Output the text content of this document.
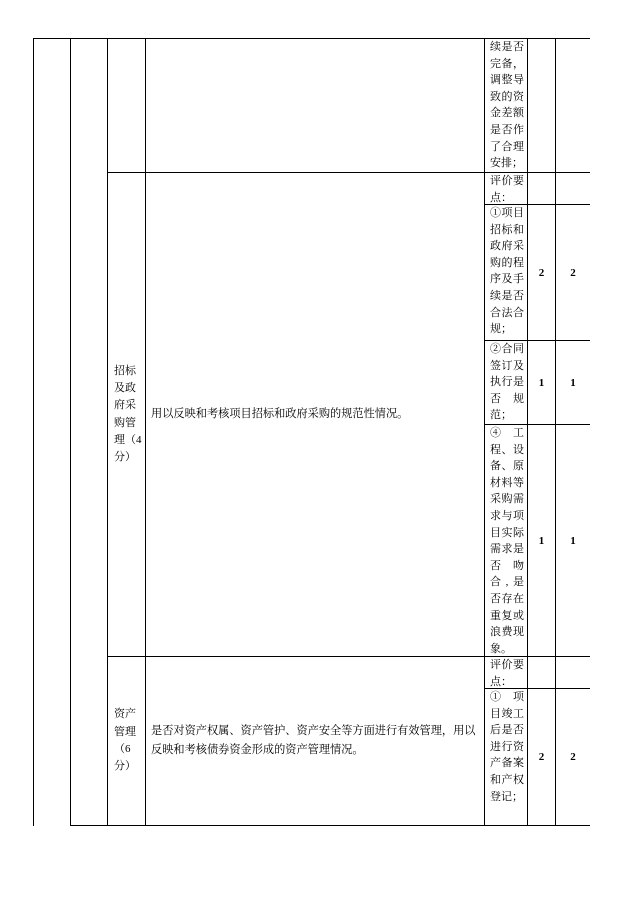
续是否完备，调整导致的资金差额是否作了合理安排；
招标及政府采购管理（4分）
用以反映和考核项目招标和政府采购的规范性情况。
评价要点：
①项目招标和政府采购的程序及手续是否合法合规；
2 2
②合同签订及执行是否规范；
1 1
④ 工程、设备、原材料等采购需求与项目实际需求是否吻合,是否存在重复或浪费现象。
1 1
资产管理（6分）
是否对资产权属、资产管护、资产安全等方面进行有效管理，用以反映和考核债券资金形成的资产管理情况。
评价要点：
① 项目竣工后是否进行资产备案和产权登记；
2 2
